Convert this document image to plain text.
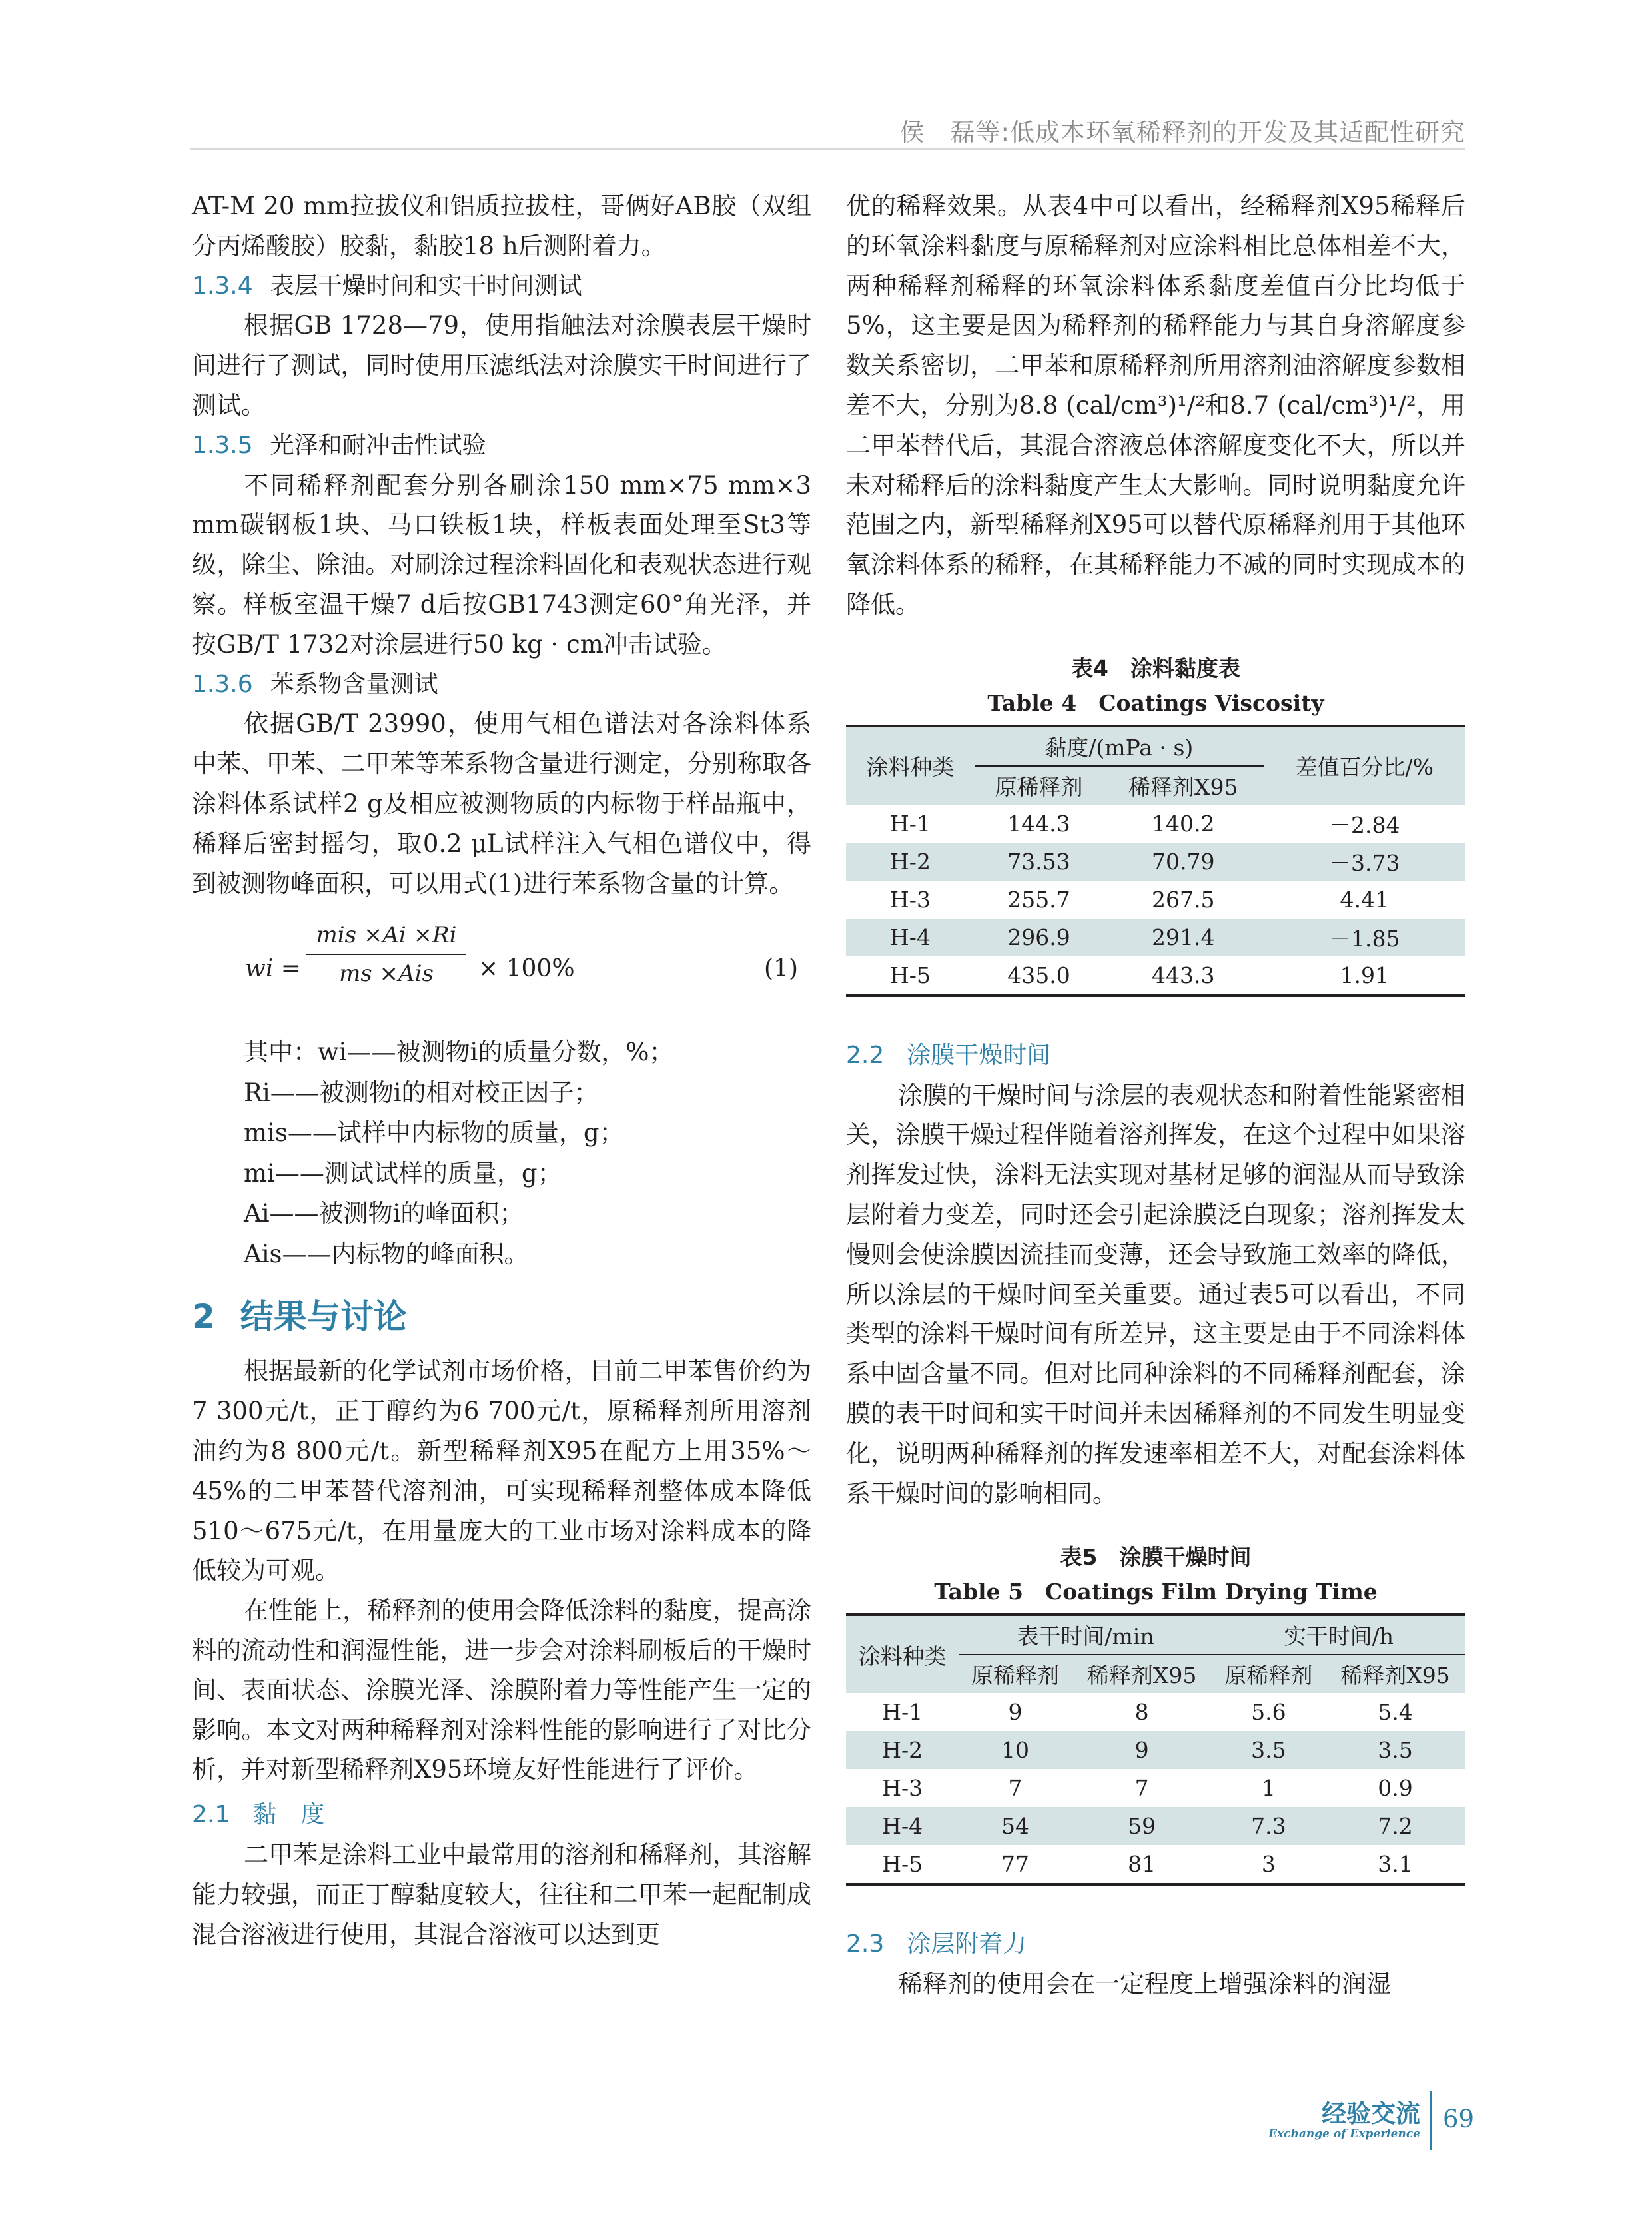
侯　磊等:低成本环氧稀释剂的开发及其适配性研究

AT-M 20 mm拉拔仪和铝质拉拔柱，哥俩好AB胶（双组分丙烯酸胶）胶黏，黏胶18 h后测附着力。

1.3.4 表层干燥时间和实干时间测试

根据GB 1728—79，使用指触法对涂膜表层干燥时间进行了测试，同时使用压滤纸法对涂膜实干时间进行了测试。

1.3.5 光泽和耐冲击性试验

不同稀释剂配套分别各刷涂150 mm×75 mm×3 mm碳钢板1块、马口铁板1块，样板表面处理至St3等级，除尘、除油。对刷涂过程涂料固化和表观状态进行观察。样板室温干燥7 d后按GB1743测定60°角光泽，并按GB/T 1732对涂层进行50 kg · cm冲击试验。

1.3.6 苯系物含量测试

依据GB/T 23990，使用气相色谱法对各涂料体系中苯、甲苯、二甲苯等苯系物含量进行测定，分别称取各涂料体系试样2 g及相应被测物质的内标物于样品瓶中，稀释后密封摇匀，取0.2 μL试样注入气相色谱仪中，得到被测物峰面积，可以用式(1)进行苯系物含量的计算。

wi =
mis ×Ai ×Ri
ms ×Ais	× 100%	(1)
其中：wi——被测物i的质量分数，%；
Ri——被测物i的相对校正因子；
mis——试样中内标物的质量，g；
mi——测试试样的质量，g；
Ai——被测物i的峰面积；
Ais——内标物的峰面积。

2 结果与讨论

根据最新的化学试剂市场价格，目前二甲苯售价约为7 300元/t，正丁醇约为6 700元/t，原稀释剂所用溶剂油约为8 800元/t。新型稀释剂X95在配方上用35%～45%的二甲苯替代溶剂油，可实现稀释剂整体成本降低510～675元/t，在用量庞大的工业市场对涂料成本的降低较为可观。

在性能上，稀释剂的使用会降低涂料的黏度，提高涂料的流动性和润湿性能，进一步会对涂料刷板后的干燥时间、表面状态、涂膜光泽、涂膜附着力等性能产生一定的影响。本文对两种稀释剂对涂料性能的影响进行了对比分析，并对新型稀释剂X95环境友好性能进行了评价。

2.1 黏　度

二甲苯是涂料工业中最常用的溶剂和稀释剂，其溶解能力较强，而正丁醇黏度较大，往往和二甲苯一起配制成混合溶液进行使用，其混合溶液可以达到更

优的稀释效果。从表4中可以看出，经稀释剂X95稀释后的环氧涂料黏度与原稀释剂对应涂料相比总体相差不大，两种稀释剂稀释的环氧涂料体系黏度差值百分比均低于5%，这主要是因为稀释剂的稀释能力与其自身溶解度参数关系密切，二甲苯和原稀释剂所用溶剂油溶解度参数相差不大，分别为8.8 (cal/cm³)¹/²和8.7 (cal/cm³)¹/²，用二甲苯替代后，其混合溶液总体溶解度变化不大，所以并未对稀释后的涂料黏度产生太大影响。同时说明黏度允许范围之内，新型稀释剂X95可以替代原稀释剂用于其他环氧涂料体系的稀释，在其稀释能力不减的同时实现成本的降低。

表4　涂料黏度表

Table 4　Coatings Viscosity

涂料种类	黏度/(mPa · s)		差值百分比/%
	原稀释剂	稀释剂X95	
H-1	144.3	140.2	－2.84
H-2	73.53	70.79	－3.73
H-3	255.7	267.5	4.41
H-4	296.9	291.4	－1.85
H-5	435.0	443.3	1.91

2.2 涂膜干燥时间

涂膜的干燥时间与涂层的表观状态和附着性能紧密相关，涂膜干燥过程伴随着溶剂挥发，在这个过程中如果溶剂挥发过快，涂料无法实现对基材足够的润湿从而导致涂层附着力变差，同时还会引起涂膜泛白现象；溶剂挥发太慢则会使涂膜因流挂而变薄，还会导致施工效率的降低，所以涂层的干燥时间至关重要。通过表5可以看出，不同类型的涂料干燥时间有所差异，这主要是由于不同涂料体系中固含量不同。但对比同种涂料的不同稀释剂配套，涂膜的表干时间和实干时间并未因稀释剂的不同发生明显变化，说明两种稀释剂的挥发速率相差不大，对配套涂料体系干燥时间的影响相同。

表5　涂膜干燥时间

Table 5　Coatings Film Drying Time

涂料种类	表干时间/min		实干时间/h	
	原稀释剂	稀释剂X95	原稀释剂	稀释剂X95
H-1	9	8	5.6	5.4
H-2	10	9	3.5	3.5
H-3	7	7	1	0.9
H-4	54	59	7.3	7.2
H-5	77	81	3	3.1

2.3 涂层附着力

稀释剂的使用会在一定程度上增强涂料的润湿

经验交流
Exchange of Experience
69
